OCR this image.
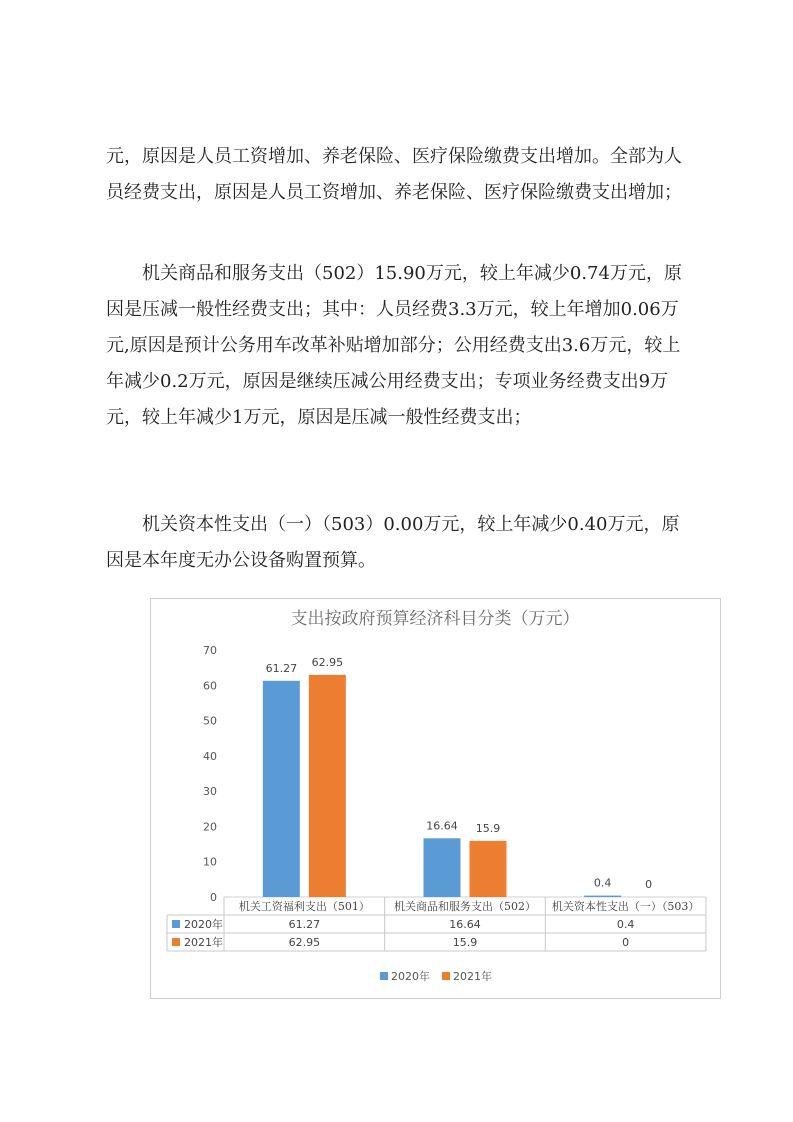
元，原因是人员工资增加、养老保险、医疗保险缴费支出增加。全部为人员经费支出，原因是人员工资增加、养老保险、医疗保险缴费支出增加；

机关商品和服务支出（502）15.90万元，较上年减少0.74万元，原因是压减一般性经费支出；其中：人员经费3.3万元，较上年增加0.06万元,原因是预计公务用车改革补贴增加部分；公用经费支出3.6万元，较上年减少0.2万元，原因是继续压减公用经费支出；专项业务经费支出9万元，较上年减少1万元，原因是压减一般性经费支出；

机关资本性支出（一）（503）0.00万元，较上年减少0.40万元，原因是本年度无办公设备购置预算。

支出按政府预算经济科目分类（万元）
0
10
20
30
40
50
60
70
61.27
16.64
0.4
62.95
15.9
0
机关工资福利支出（501） 机关商品和服务支出（502） 机关资本性支出（一）（503）
2020年	61.27	16.64	0.4
2021年	62.95	15.9	0
2020年 2021年
